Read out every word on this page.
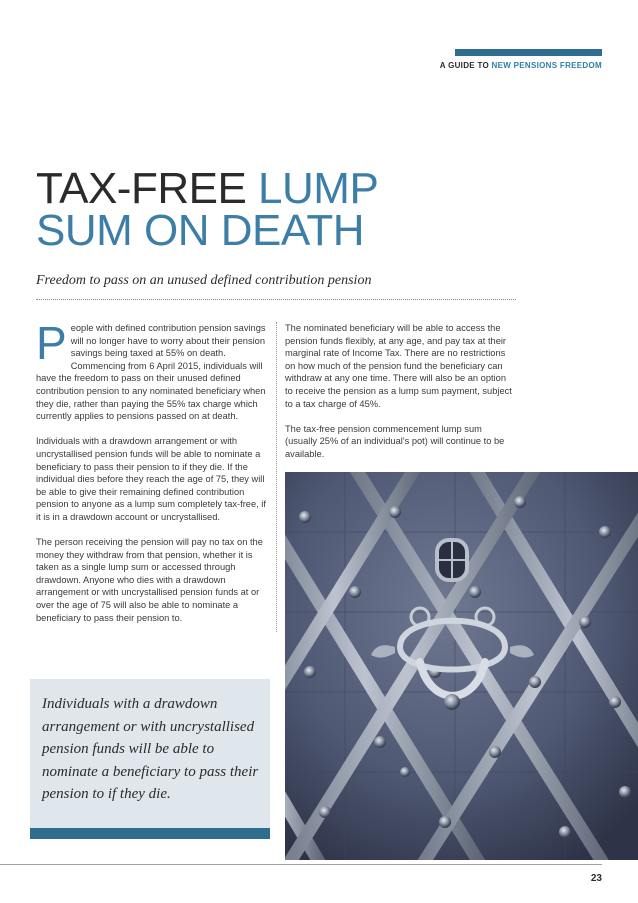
A GUIDE TO NEW PENSIONS FREEDOM
TAX-FREE LUMP
SUM ON DEATH

Freedom to pass on an unused defined contribution pension

People with defined contribution pension savings will no longer have to worry about their pension savings being taxed at 55% on death. Commencing from 6 April 2015, individuals will have the freedom to pass on their unused defined contribution pension to any nominated beneficiary when they die, rather than paying the 55% tax charge which currently applies to pensions passed on at death.

Individuals with a drawdown arrangement or with uncrystallised pension funds will be able to nominate a beneficiary to pass their pension to if they die. If the individual dies before they reach the age of 75, they will be able to give their remaining defined contribution pension to anyone as a lump sum completely tax-free, if it is in a drawdown account or uncrystallised.

The person receiving the pension will pay no tax on the money they withdraw from that pension, whether it is taken as a single lump sum or accessed through drawdown. Anyone who dies with a drawdown arrangement or with uncrystallised pension funds at or over the age of 75 will also be able to nominate a beneficiary to pass their pension to.

The nominated beneficiary will be able to access the pension funds flexibly, at any age, and pay tax at their marginal rate of Income Tax. There are no restrictions on how much of the pension fund the beneficiary can withdraw at any one time. There will also be an option to receive the pension as a lump sum payment, subject to a tax charge of 45%.

The tax-free pension commencement lump sum (usually 25% of an individual's pot) will continue to be available.

Individuals with a drawdown arrangement or with uncrystallised pension funds will be able to nominate a beneficiary to pass their pension to if they die.

23
